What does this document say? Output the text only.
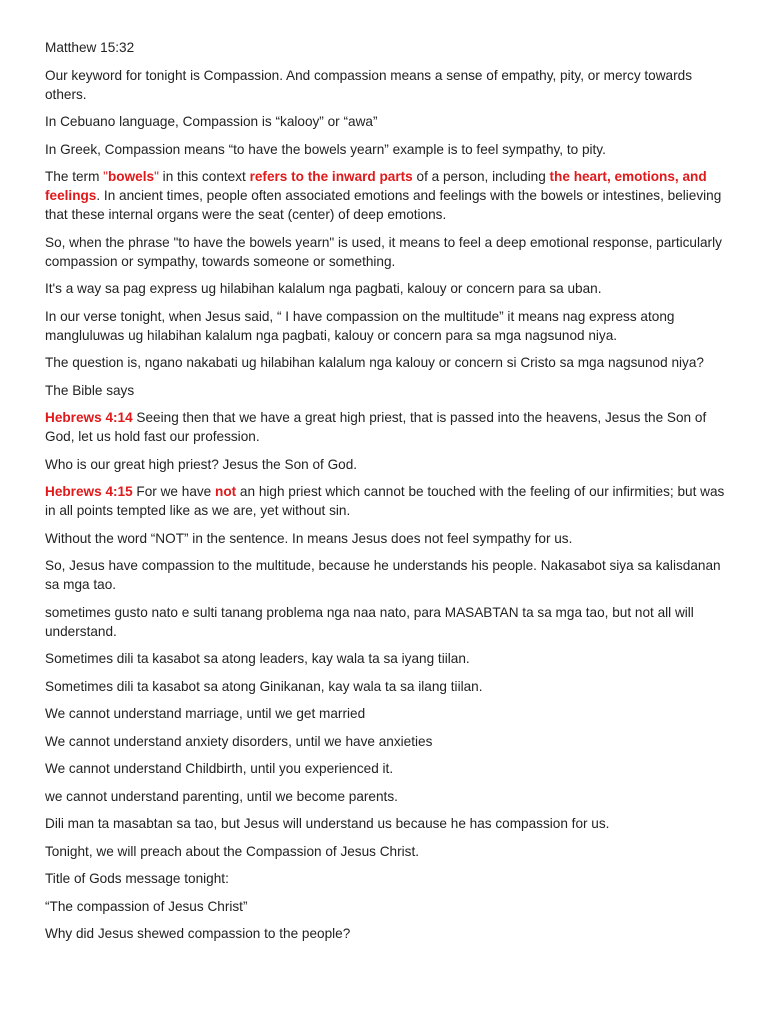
Matthew 15:32

Our keyword for tonight is Compassion. And compassion means a sense of empathy, pity, or mercy towards others.

In Cebuano language, Compassion is “kalooy” or “awa”

In Greek, Compassion means “to have the bowels yearn” example is to feel sympathy, to pity.

The term "bowels" in this context refers to the inward parts of a person, including the heart, emotions, and feelings. In ancient times, people often associated emotions and feelings with the bowels or intestines, believing that these internal organs were the seat (center) of deep emotions.

So, when the phrase "to have the bowels yearn" is used, it means to feel a deep emotional response, particularly compassion or sympathy, towards someone or something.

It's a way sa pag express ug hilabihan kalalum nga pagbati, kalouy or concern para sa uban.

In our verse tonight, when Jesus said, “ I have compassion on the multitude” it means nag express atong mangluluwas ug hilabihan kalalum nga pagbati, kalouy or concern para sa mga nagsunod niya.

The question is, ngano nakabati ug hilabihan kalalum nga kalouy or concern si Cristo sa mga nagsunod niya?

The Bible says

Hebrews 4:14 Seeing then that we have a great high priest, that is passed into the heavens, Jesus the Son of God, let us hold fast our profession.

Who is our great high priest? Jesus the Son of God.

Hebrews 4:15 For we have not an high priest which cannot be touched with the feeling of our infirmities; but was in all points tempted like as we are, yet without sin.

Without the word “NOT” in the sentence. In means Jesus does not feel sympathy for us.

So, Jesus have compassion to the multitude, because he understands his people. Nakasabot siya sa kalisdanan sa mga tao.

sometimes gusto nato e sulti tanang problema nga naa nato, para MASABTAN ta sa mga tao, but not all will understand.

Sometimes dili ta kasabot sa atong leaders, kay wala ta sa iyang tiilan.

Sometimes dili ta kasabot sa atong Ginikanan, kay wala ta sa ilang tiilan.

We cannot understand marriage, until we get married

We cannot understand anxiety disorders, until we have anxieties

We cannot understand Childbirth, until you experienced it.

we cannot understand parenting, until we become parents.

Dili man ta masabtan sa tao, but Jesus will understand us because he has compassion for us.

Tonight, we will preach about the Compassion of Jesus Christ.

Title of Gods message tonight:

“The compassion of Jesus Christ”

Why did Jesus shewed compassion to the people?
